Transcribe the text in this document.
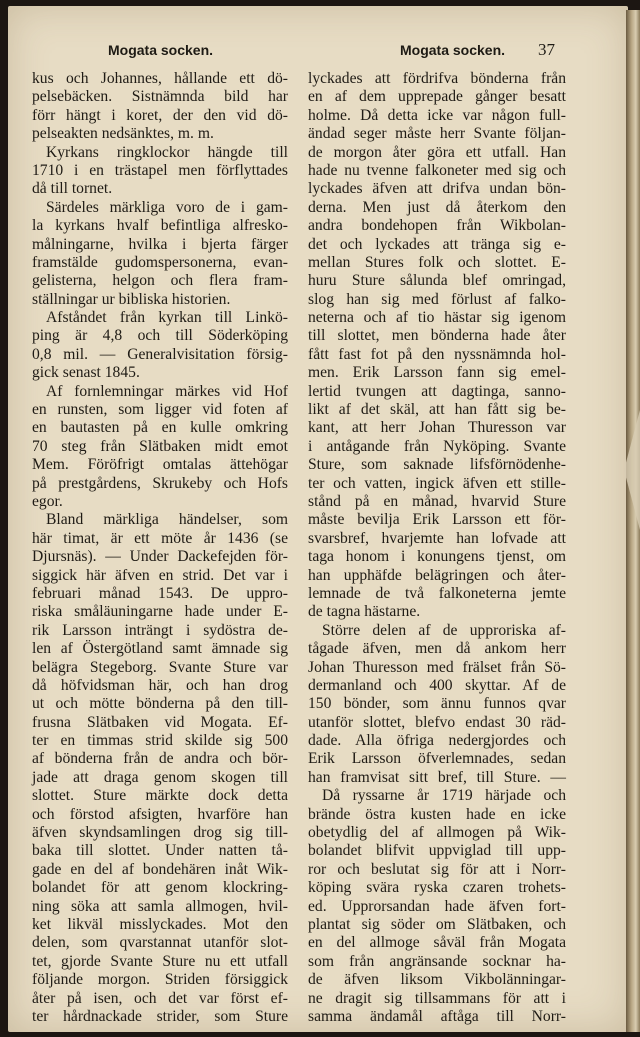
Mogata socken.	Mogata socken. 37
kus och Johannes, hållande ett dö-
pelsebäcken. Sistnämnda bild har
förr hängt i koret, der den vid dö-
pelseakten nedsänktes, m. m.
Kyrkans ringklockor hängde till
1710 i en trästapel men förflyttades
då till tornet.
Särdeles märkliga voro de i gam-
la kyrkans hvalf befintliga alfresko-
målningarne, hvilka i bjerta färger
framstälde gudomspersonerna, evan-
gelisterna, helgon och flera fram-
ställningar ur bibliska historien.
Afståndet från kyrkan till Linkö-
ping är 4,8 och till Söderköping
0,8 mil. — Generalvisitation försig-
gick senast 1845.
Af fornlemningar märkes vid Hof
en runsten, som ligger vid foten af
en bautasten på en kulle omkring
70 steg från Slätbaken midt emot
Mem. Föröfrigt omtalas ättehögar
på prestgårdens, Skrukeby och Hofs
egor.
Bland märkliga händelser, som
här timat, är ett möte år 1436 (se
Djursnäs). — Under Dackefejden för-
siggick här äfven en strid. Det var i
februari månad 1543. De uppro-
riska småläuningarne hade under E-
rik Larsson inträngt i sydöstra de-
len af Östergötland samt ämnade sig
belägra Stegeborg. Svante Sture var
då höfvidsman här, och han drog
ut och mötte bönderna på den till-
frusna Slätbaken vid Mogata. Ef-
ter en timmas strid skilde sig 500
af bönderna från de andra och bör-
jade att draga genom skogen till
slottet. Sture märkte dock detta
och förstod afsigten, hvarföre han
äfven skyndsamlingen drog sig till-
baka till slottet. Under natten tå-
gade en del af bondehären inåt Wik-
bolandet för att genom klockring-
ning söka att samla allmogen, hvil-
ket likväl misslyckades. Mot den
delen, som qvarstannat utanför slot-
tet, gjorde Svante Sture nu ett utfall
följande morgon. Striden försiggick
åter på isen, och det var först ef-
ter hårdnackade strider, som Sture
lyckades att fördrifva bönderna från
en af dem upprepade gånger besatt
holme. Då detta icke var någon full-
ändad seger måste herr Svante följan-
de morgon åter göra ett utfall. Han
hade nu tvenne falkoneter med sig och
lyckades äfven att drifva undan bön-
derna. Men just då återkom den
andra bondehopen från Wikbolan-
det och lyckades att tränga sig e-
mellan Stures folk och slottet. E-
huru Sture sålunda blef omringad,
slog han sig med förlust af falko-
neterna och af tio hästar sig igenom
till slottet, men bönderna hade åter
fått fast fot på den nyssnämnda hol-
men. Erik Larsson fann sig emel-
lertid tvungen att dagtinga, sanno-
likt af det skäl, att han fått sig be-
kant, att herr Johan Thuresson var
i antågande från Nyköping. Svante
Sture, som saknade lifsförnödenhe-
ter och vatten, ingick äfven ett stille-
stånd på en månad, hvarvid Sture
måste bevilja Erik Larsson ett för-
svarsbref, hvarjemte han lofvade att
taga honom i konungens tjenst, om
han upphäfde belägringen och åter-
lemnade de två falkoneterna jemte
de tagna hästarne.
Större delen af de upproriska af-
tågade äfven, men då ankom herr
Johan Thuresson med frälset från Sö-
dermanland och 400 skyttar. Af de
150 bönder, som ännu funnos qvar
utanför slottet, blefvo endast 30 räd-
dade. Alla öfriga nedergjordes och
Erik Larsson öfverlemnades, sedan
han framvisat sitt bref, till Sture. —
Då ryssarne år 1719 härjade och
brände östra kusten hade en icke
obetydlig del af allmogen på Wik-
bolandet blifvit uppviglad till upp-
ror och beslutat sig för att i Norr-
köping svära ryska czaren trohets-
ed. Upprorsandan hade äfven fort-
plantat sig söder om Slätbaken, och
en del allmoge såväl från Mogata
som från angränsande socknar ha-
de äfven liksom Vikbolänningar-
ne dragit sig tillsammans för att i
samma ändamål aftåga till Norr-
